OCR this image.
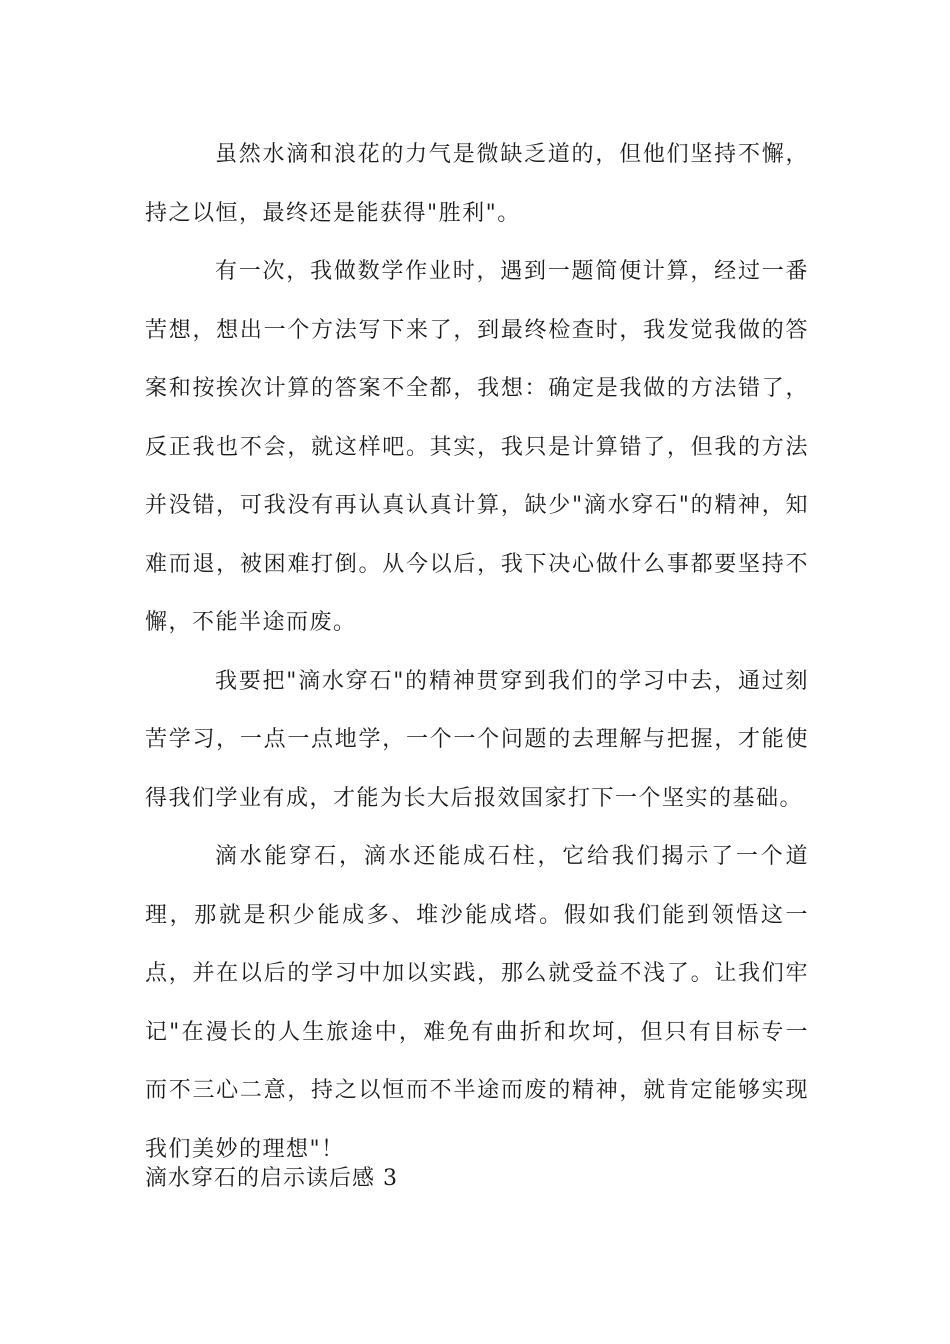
虽然水滴和浪花的力气是微缺乏道的，但他们坚持不懈，持之以恒，最终还是能获得"胜利"。

有一次，我做数学作业时，遇到一题简便计算，经过一番苦想，想出一个方法写下来了，到最终检查时，我发觉我做的答案和按挨次计算的答案不全都，我想：确定是我做的方法错了，反正我也不会，就这样吧。其实，我只是计算错了，但我的方法并没错，可我没有再认真认真计算，缺少"滴水穿石"的精神，知难而退，被困难打倒。从今以后，我下决心做什么事都要坚持不懈，不能半途而废。

我要把"滴水穿石"的精神贯穿到我们的学习中去，通过刻苦学习，一点一点地学，一个一个问题的去理解与把握，才能使得我们学业有成，才能为长大后报效国家打下一个坚实的基础。

滴水能穿石，滴水还能成石柱，它给我们揭示了一个道理，那就是积少能成多、堆沙能成塔。假如我们能到领悟这一点，并在以后的学习中加以实践，那么就受益不浅了。让我们牢记"在漫长的人生旅途中，难免有曲折和坎坷，但只有目标专一而不三心二意，持之以恒而不半途而废的精神，就肯定能够实现我们美妙的理想"！

滴水穿石的启示读后感 3
